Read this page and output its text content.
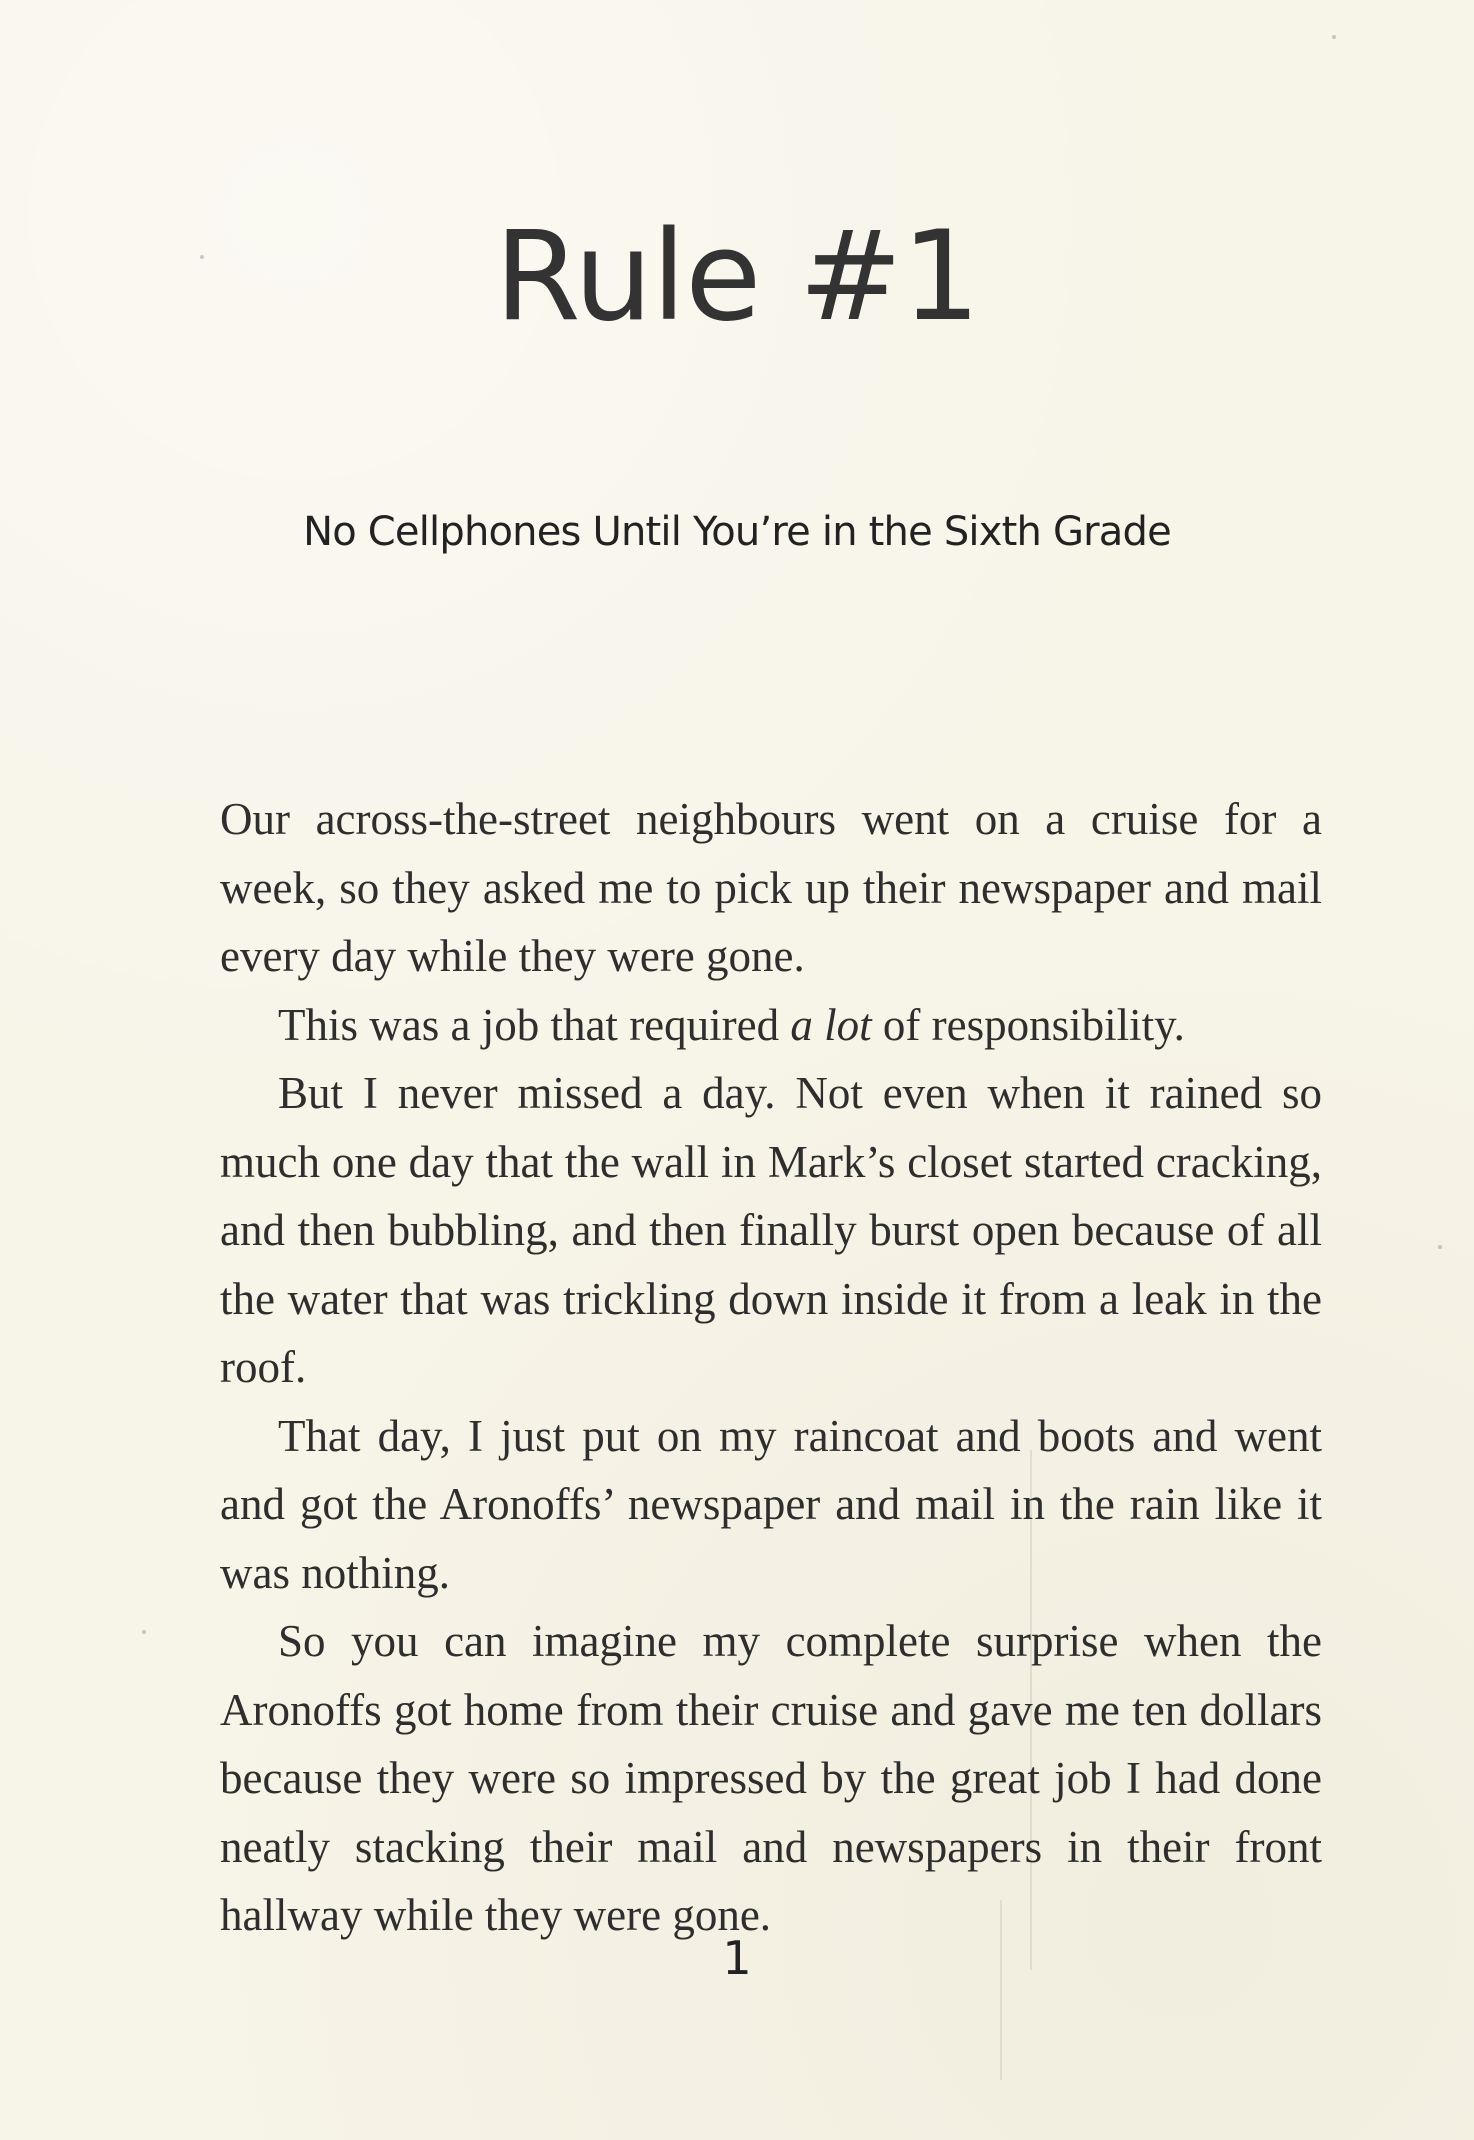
Rule #1
No Cellphones Until You’re in the Sixth Grade

Our across-the-street neighbours went on a cruise for a week, so they asked me to pick up their newspaper and mail every day while they were gone.

This was a job that required a lot of responsibility.

But I never missed a day. Not even when it rained so much one day that the wall in Mark’s closet started cracking, and then bubbling, and then finally burst open because of all the water that was trickling down inside it from a leak in the roof.

That day, I just put on my raincoat and boots and went and got the Aronoffs’ newspaper and mail in the rain like it was nothing.

So you can imagine my complete surprise when the Aronoffs got home from their cruise and gave me ten dollars because they were so impressed by the great job I had done neatly stacking their mail and newspapers in their front hallway while they were gone.

1
